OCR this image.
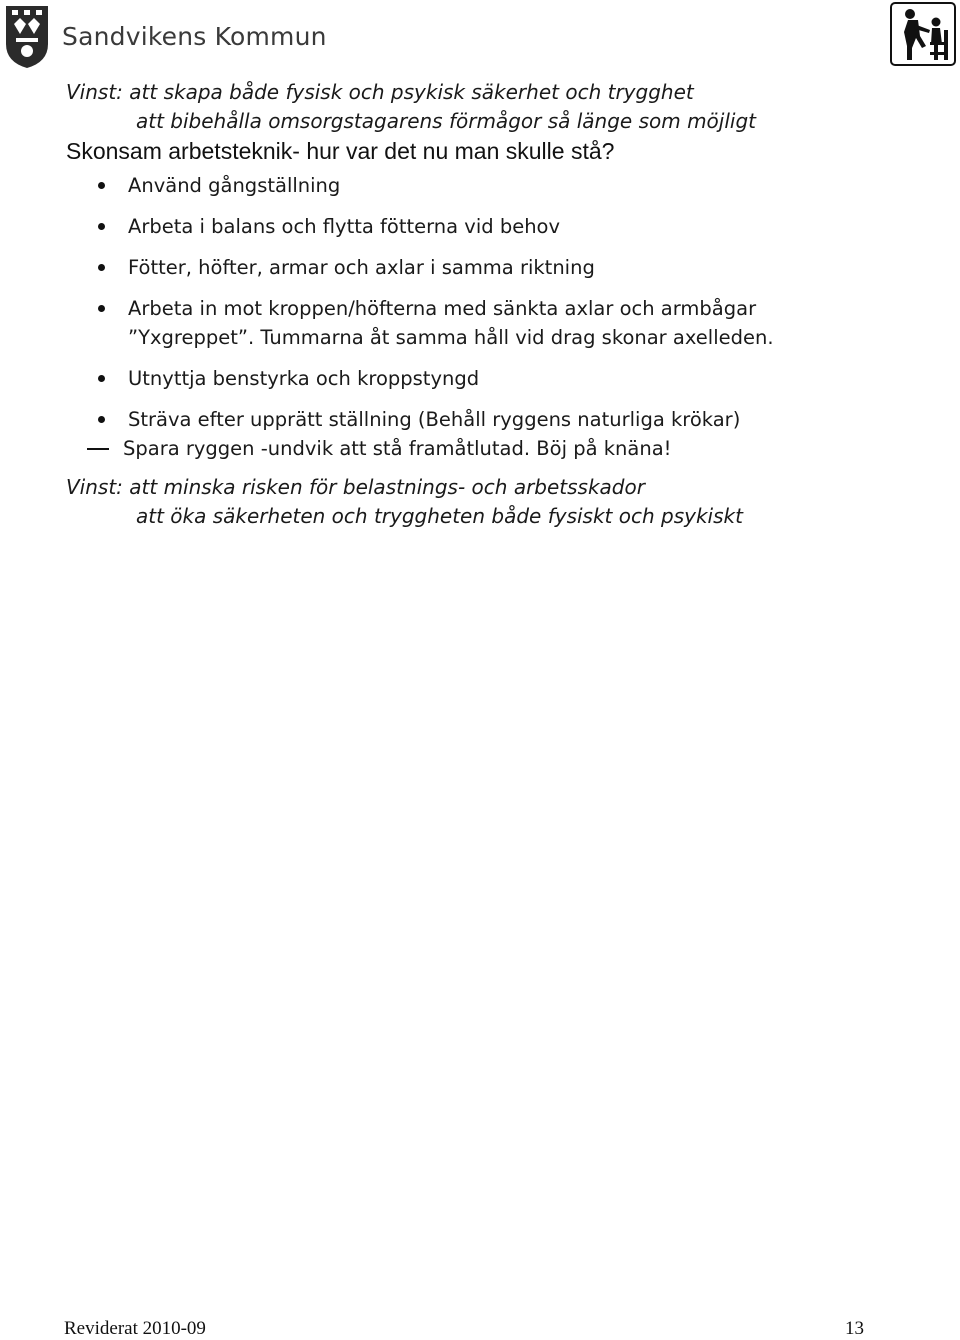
Sandvikens Kommun
Vinst: att skapa både fysisk och psykisk säkerhet och trygghet
att bibehålla omsorgstagarens förmågor så länge som möjligt
Skonsam arbetsteknik- hur var det nu man skulle stå?
Använd gångställning
Arbeta i balans och flytta fötterna vid behov
Fötter, höfter, armar och axlar i samma riktning
Arbeta in mot kroppen/höfterna med sänkta axlar och armbågar
”Yxgreppet”. Tummarna åt samma håll vid drag skonar axelleden.
Utnyttja benstyrka och kroppstyngd
Sträva efter upprätt ställning (Behåll ryggens naturliga krökar)
Spara ryggen -undvik att stå framåtlutad. Böj på knäna!
Vinst: att minska risken för belastnings- och arbetsskador
att öka säkerheten och tryggheten både fysiskt och psykiskt
Reviderat 2010-09	13
